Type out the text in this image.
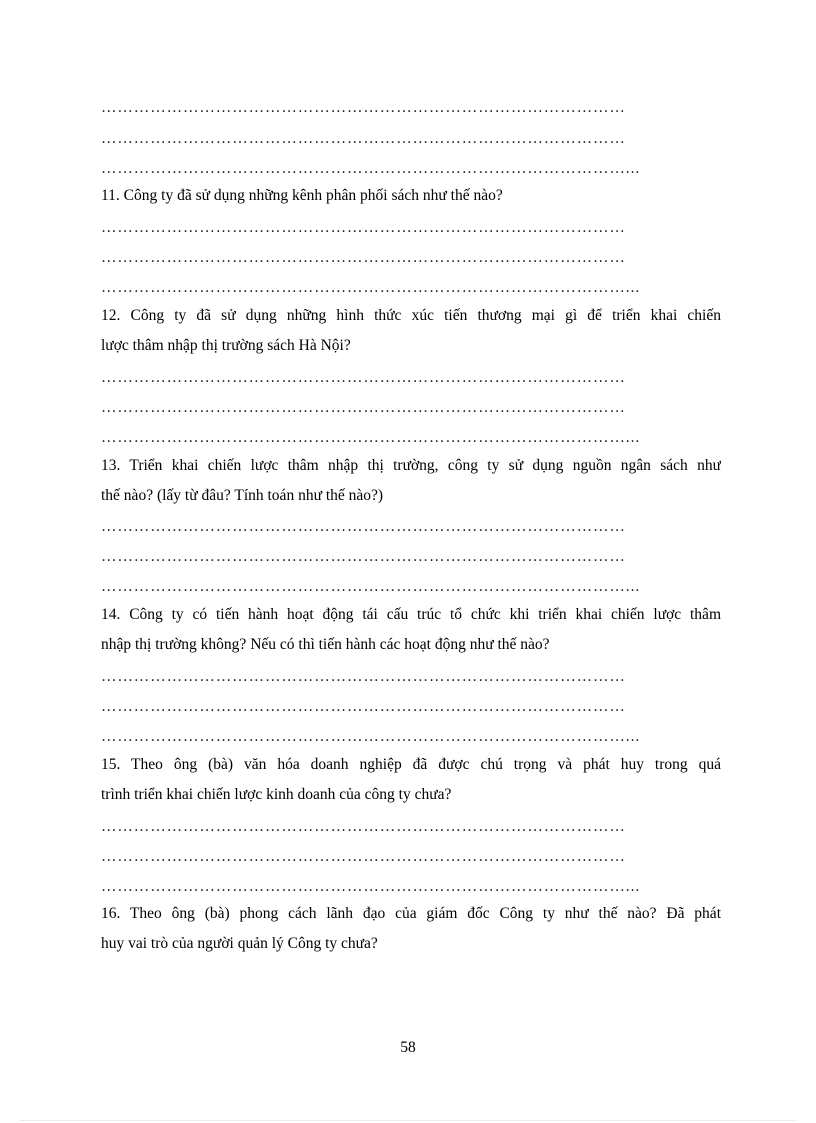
……………………………………………………………………………………
……………………………………………………………………………………
……………………………………………………………………………………...
11. Công ty đã sử dụng những kênh phân phối sách như thế nào?
……………………………………………………………………………………
……………………………………………………………………………………
……………………………………………………………………………………...
12. Công ty đã sử dụng những hình thức xúc tiến thương mại gì để triển khai chiến
lược thâm nhập thị trường sách Hà Nội?
……………………………………………………………………………………
……………………………………………………………………………………
……………………………………………………………………………………...
13. Triển khai chiến lược thâm nhập thị trường, công ty sử dụng nguồn ngân sách như
thế nào? (lấy từ đâu? Tính toán như thế nào?)
……………………………………………………………………………………
……………………………………………………………………………………
……………………………………………………………………………………...
14. Công ty có tiến hành hoạt động tái cấu trúc tổ chức khi triển khai chiến lược thâm
nhập thị trường không? Nếu có thì tiến hành các hoạt động như thế nào?
……………………………………………………………………………………
……………………………………………………………………………………
……………………………………………………………………………………...
15. Theo ông (bà) văn hóa doanh nghiệp đã được chú trọng và phát huy trong quá
trình triển khai chiến lược kinh doanh của công ty chưa?
……………………………………………………………………………………
……………………………………………………………………………………
……………………………………………………………………………………...
16. Theo ông (bà) phong cách lãnh đạo của giám đốc Công ty như thế nào? Đã phát
huy vai trò của người quản lý Công ty chưa?
58
